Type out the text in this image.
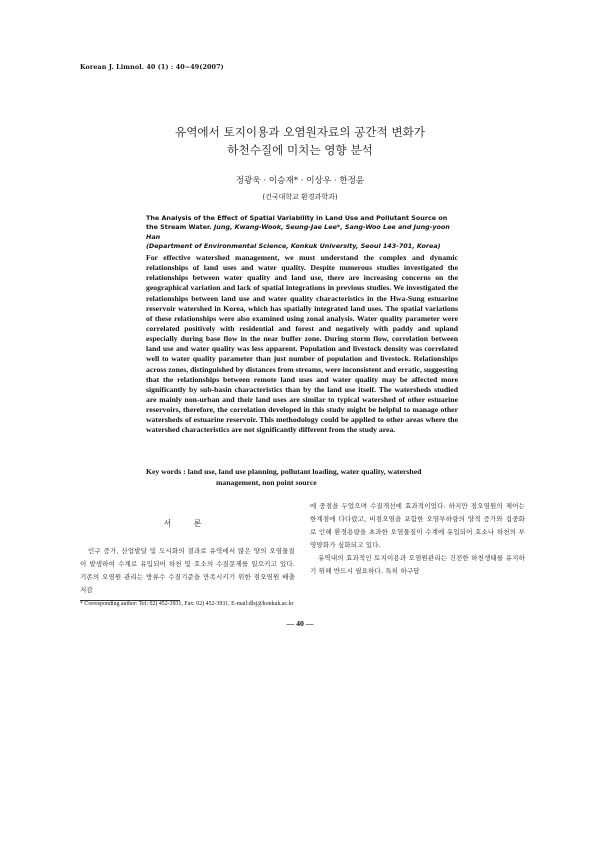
Korean J. Limnol. 40 (1) : 40~49(2007)
유역에서 토지이용과 오염원자료의 공간적 변화가
하천수질에 미치는 영향 분석
정광욱 · 이승재* · 이상우 · 한정윤
(건국대학교 환경과학과)
The Analysis of the Effect of Spatial Variability in Land Use and Pollutant Source on the Stream Water. Jung, Kwang-Wook, Seung-Jae Lee*, Sang-Woo Lee and Jung-yoon Han
(Department of Environmental Science, Konkuk University, Seoul 143-701, Korea)
For effective watershed management, we must understand the complex and dynamic relationships of land uses and water quality. Despite numerous studies investigated the relationships between water quality and land use, there are increasing concerns on the geographical variation and lack of spatial integrations in previous studies. We investigated the relationships between land use and water quality characteristics in the Hwa-Sung estuarine reservoir watershed in Korea, which has spatially integrated land uses. The spatial variations of these relationships were also examined using zonal analysis. Water quality parameter were correlated positively with residential and forest and negatively with paddy and upland especially during base flow in the near buffer zone. During storm flow, correlation between land use and water quality was less apparent. Population and livestock density was correlated well to water quality parameter than just number of population and livestock. Relationships across zones, distinguished by distances from streams, were inconsistent and erratic, suggesting that the relationships between remote land uses and water quality may be affected more significantly by sub-basin characteristics than by the land use itself. The watersheds studied are mainly non-urban and their land uses are similar to typical watershed of other estuarine reservoirs, therefore, the correlation developed in this study might be helpful to manage other watersheds of estuarine reservoir. This methodology could be applied to other areas where the watershed characteristics are not significantly different from the study area.
Key words : land use, land use planning, pollutant loading, water quality, watershed
management, non point source
서 론

인구 증가, 산업발달 및 도시화의 결과로 유역에서 많은 양의 오염물질이 발생하여 수계로 유입되어 하천 및 호소의 수질문제를 일으키고 있다. 기존의 오염원 관리는 방류수 수질기준을 만족시키기 위한 점오염원 배출저감

에 중점을 두었으며 수질개선에 효과적이었다. 하지만 점오염원의 제어는 한계점에 다다랐고, 비점오염을 포함한 오염부하량의 양적 증가와 집중화로 인해 환경용량을 초과한 오염물질이 수계에 유입되어 호소나 하천의 부영양화가 심화되고 있다.

유역내의 효과적인 토지이용과 오염원관리는 건전한 하천생태를 유지하기 위해 반드시 필요하다. 특히 하구담

* Corresponding author: Tel: 02) 452-3931, Fax: 02) 452-3931, E-mail:dlsj@konkuk.ac.kr
— 40 —
